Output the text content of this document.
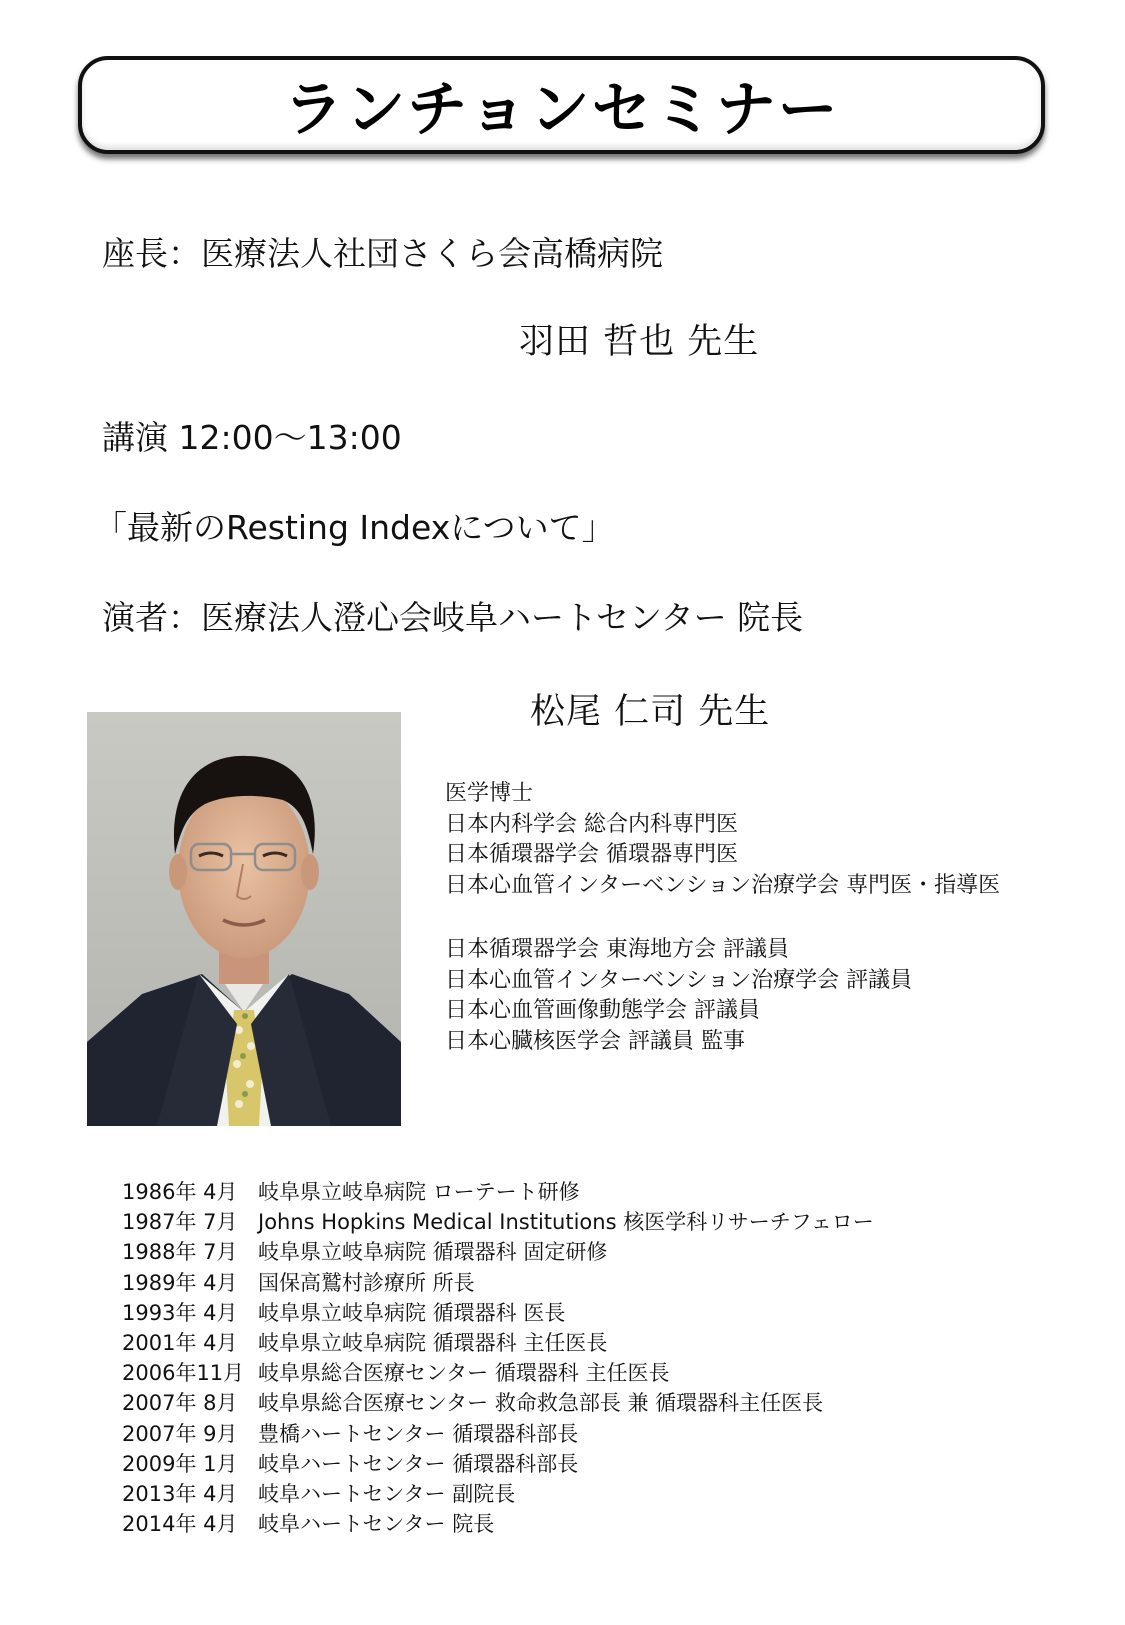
ランチョンセミナー
座長：医療法人社団さくら会高橋病院
羽田 哲也 先生
講演 12:00〜13:00
「最新のResting Indexについて」
演者：医療法人澄心会岐阜ハートセンター 院長
松尾 仁司 先生
医学博士
日本内科学会 総合内科専門医
日本循環器学会 循環器専門医
日本心血管インターベンション治療学会 専門医・指導医
日本循環器学会 東海地方会 評議員
日本心血管インターベンション治療学会 評議員
日本心血管画像動態学会 評議員
日本心臓核医学会 評議員 監事
1986年 4月 岐阜県立岐阜病院 ローテート研修
1987年 7月 Johns Hopkins Medical Institutions 核医学科リサーチフェロー
1988年 7月 岐阜県立岐阜病院 循環器科 固定研修
1989年 4月 国保高鷲村診療所 所長
1993年 4月 岐阜県立岐阜病院 循環器科 医長
2001年 4月 岐阜県立岐阜病院 循環器科 主任医長
2006年11月 岐阜県総合医療センター 循環器科 主任医長
2007年 8月 岐阜県総合医療センター 救命救急部長 兼 循環器科主任医長
2007年 9月 豊橋ハートセンター 循環器科部長
2009年 1月 岐阜ハートセンター 循環器科部長
2013年 4月 岐阜ハートセンター 副院長
2014年 4月 岐阜ハートセンター 院長
